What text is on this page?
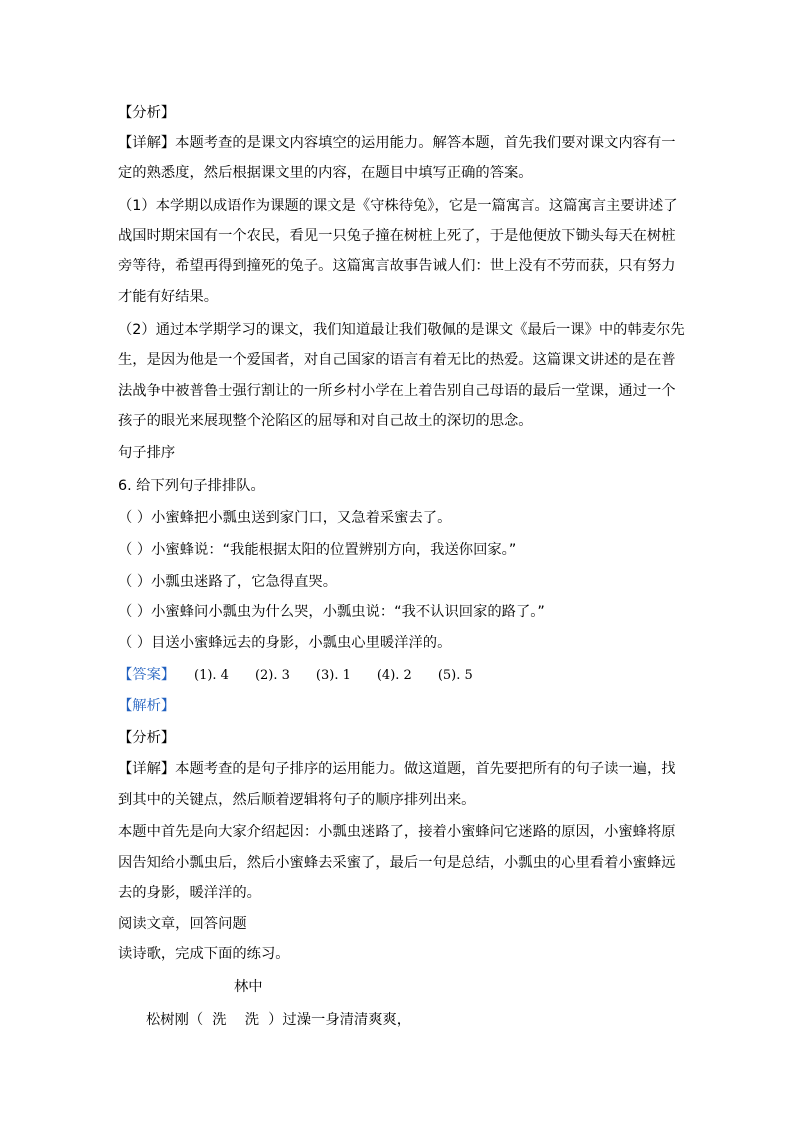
【分析】
【详解】本题考查的是课文内容填空的运用能力。解答本题，首先我们要对课文内容有一
定的熟悉度，然后根据课文里的内容，在题目中填写正确的答案。
（1）本学期以成语作为课题的课文是《守株待兔》，它是一篇寓言。这篇寓言主要讲述了
战国时期宋国有一个农民，看见一只兔子撞在树桩上死了，于是他便放下锄头每天在树桩
旁等待，希望再得到撞死的兔子。这篇寓言故事告诫人们：世上没有不劳而获，只有努力
才能有好结果。
（2）通过本学期学习的课文，我们知道最让我们敬佩的是课文《最后一课》中的韩麦尔先
生，是因为他是一个爱国者，对自己国家的语言有着无比的热爱。这篇课文讲述的是在普
法战争中被普鲁士强行割让的一所乡村小学在上着告别自己母语的最后一堂课，通过一个
孩子的眼光来展现整个沦陷区的屈辱和对自己故土的深切的思念。
句子排序
6. 给下列句子排排队。
（ ）小蜜蜂把小瓢虫送到家门口，又急着采蜜去了。
（ ）小蜜蜂说：“我能根据太阳的位置辨别方向，我送你回家。”
（ ）小瓢虫迷路了，它急得直哭。
（ ）小蜜蜂问小瓢虫为什么哭，小瓢虫说：“我不认识回家的路了。”
（ ）目送小蜜蜂远去的身影，小瓢虫心里暖洋洋的。
【答案】 (1). 4 (2). 3 (3). 1 (4). 2 (5). 5
【解析】
【分析】
【详解】本题考查的是句子排序的运用能力。做这道题，首先要把所有的句子读一遍，找
到其中的关键点，然后顺着逻辑将句子的顺序排列出来。
本题中首先是向大家介绍起因：小瓢虫迷路了，接着小蜜蜂问它迷路的原因，小蜜蜂将原
因告知给小瓢虫后，然后小蜜蜂去采蜜了，最后一句是总结，小瓢虫的心里看着小蜜蜂远
去的身影，暖洋洋的。
阅读文章，回答问题
读诗歌，完成下面的练习。
林中
松树刚（  洗    洗  ）过澡一身清清爽爽，
